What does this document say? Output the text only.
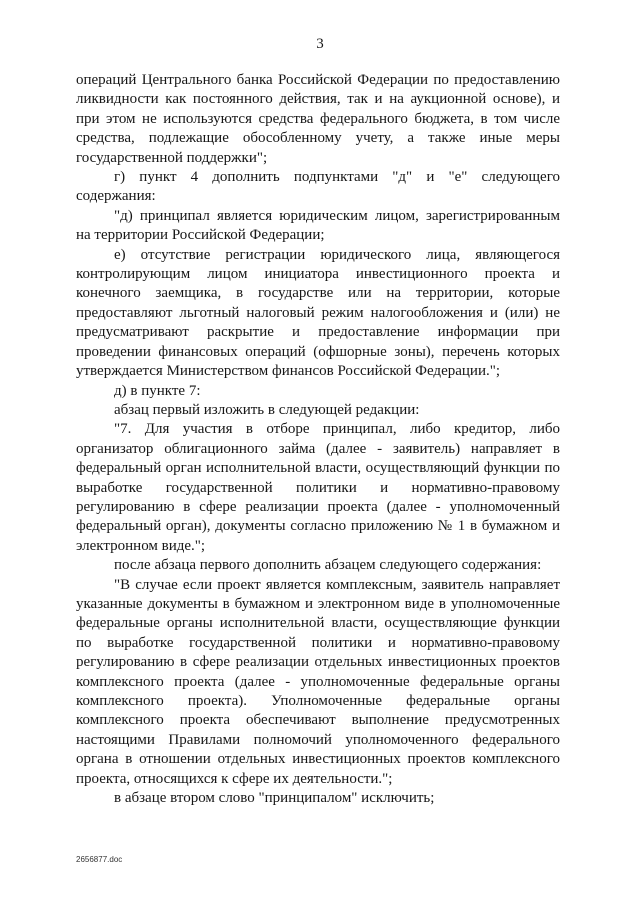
3

операций Центрального банка Российской Федерации по предоставлению ликвидности как постоянного действия, так и на аукционной основе), и при этом не используются средства федерального бюджета, в том числе средства, подлежащие обособленному учету, а также иные меры государственной поддержки";

г) пункт 4 дополнить подпунктами "д" и "е" следующего содержания:

"д) принципал является юридическим лицом, зарегистрированным на территории Российской Федерации;

е) отсутствие регистрации юридического лица, являющегося контролирующим лицом инициатора инвестиционного проекта и конечного заемщика, в государстве или на территории, которые предоставляют льготный налоговый режим налогообложения и (или) не предусматривают раскрытие и предоставление информации при проведении финансовых операций (офшорные зоны), перечень которых утверждается Министерством финансов Российской Федерации.";

д) в пункте 7:

абзац первый изложить в следующей редакции:

"7. Для участия в отборе принципал, либо кредитор, либо организатор облигационного займа (далее - заявитель) направляет в федеральный орган исполнительной власти, осуществляющий функции по выработке государственной политики и нормативно-правовому регулированию в сфере реализации проекта (далее - уполномоченный федеральный орган), документы согласно приложению № 1 в бумажном и электронном виде.";

после абзаца первого дополнить абзацем следующего содержания:

"В случае если проект является комплексным, заявитель направляет указанные документы в бумажном и электронном виде в уполномоченные федеральные органы исполнительной власти, осуществляющие функции по выработке государственной политики и нормативно-правовому регулированию в сфере реализации отдельных инвестиционных проектов комплексного проекта (далее - уполномоченные федеральные органы комплексного проекта). Уполномоченные федеральные органы комплексного проекта обеспечивают выполнение предусмотренных настоящими Правилами полномочий уполномоченного федерального органа в отношении отдельных инвестиционных проектов комплексного проекта, относящихся к сфере их деятельности.";

в абзаце втором слово "принципалом" исключить;

2656877.doc
